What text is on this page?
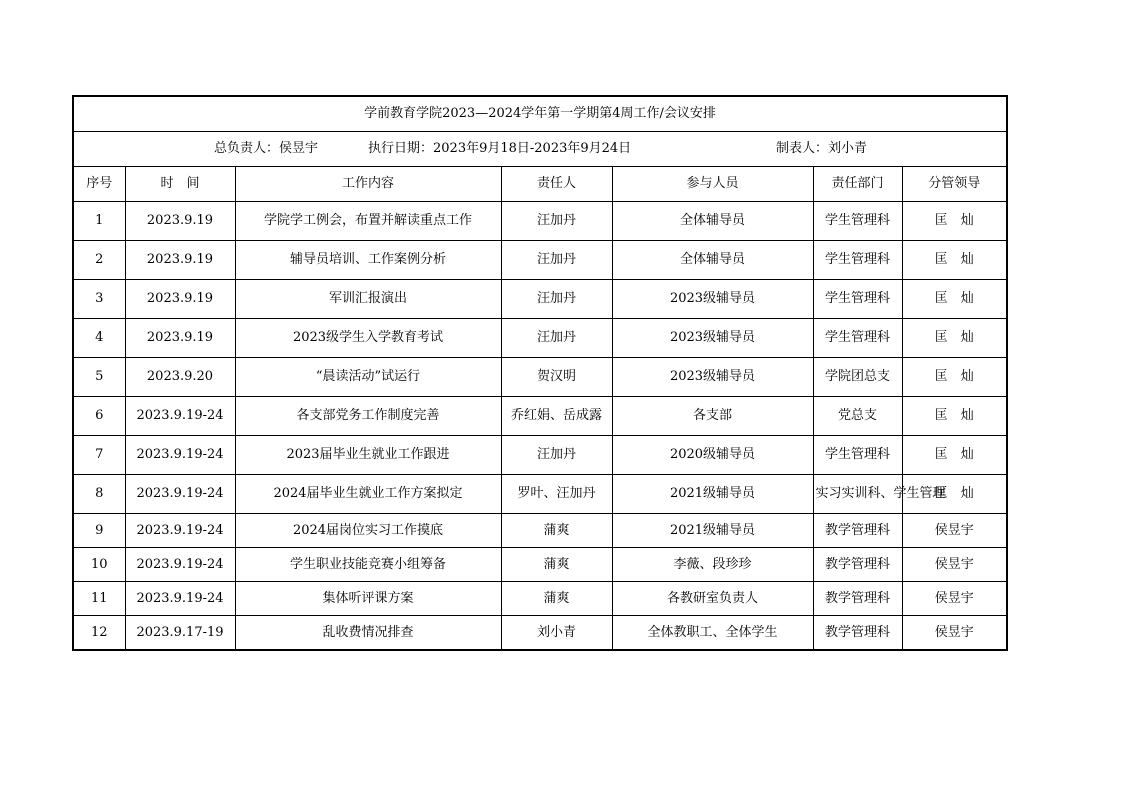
学前教育学院2023—2024学年第一学期第4周工作/会议安排						

总负责人：侯昱宇 执行日期：2023年9月18日-2023年9月24日 制表人：刘小青						

序号	时　间	工作内容	责任人	参与人员	责任部门	分管领导
1	2023.9.19	学院学工例会，布置并解读重点工作	汪加丹	全体辅导员	学生管理科	匡　灿
2	2023.9.19	辅导员培训、工作案例分析	汪加丹	全体辅导员	学生管理科	匡　灿
3	2023.9.19	军训汇报演出	汪加丹	2023级辅导员	学生管理科	匡　灿
4	2023.9.19	2023级学生入学教育考试	汪加丹	2023级辅导员	学生管理科	匡　灿
5	2023.9.20	“晨读活动”试运行	贺汉明	2023级辅导员	学院团总支	匡　灿
6	2023.9.19-24	各支部党务工作制度完善	乔红娟、岳成露	各支部	党总支	匡　灿
7	2023.9.19-24	2023届毕业生就业工作跟进	汪加丹	2020级辅导员	学生管理科	匡　灿
8	2023.9.19-24	2024届毕业生就业工作方案拟定	罗叶、汪加丹	2021级辅导员	实习实训科、学生管理	匡　灿
9	2023.9.19-24	2024届岗位实习工作摸底	蒲爽	2021级辅导员	教学管理科	侯昱宇
10	2023.9.19-24	学生职业技能竞赛小组筹备	蒲爽	李薇、段珍珍	教学管理科	侯昱宇
11	2023.9.19-24	集体听评课方案	蒲爽	各教研室负责人	教学管理科	侯昱宇
12	2023.9.17-19	乱收费情况排查	刘小青	全体教职工、全体学生	教学管理科	侯昱宇
